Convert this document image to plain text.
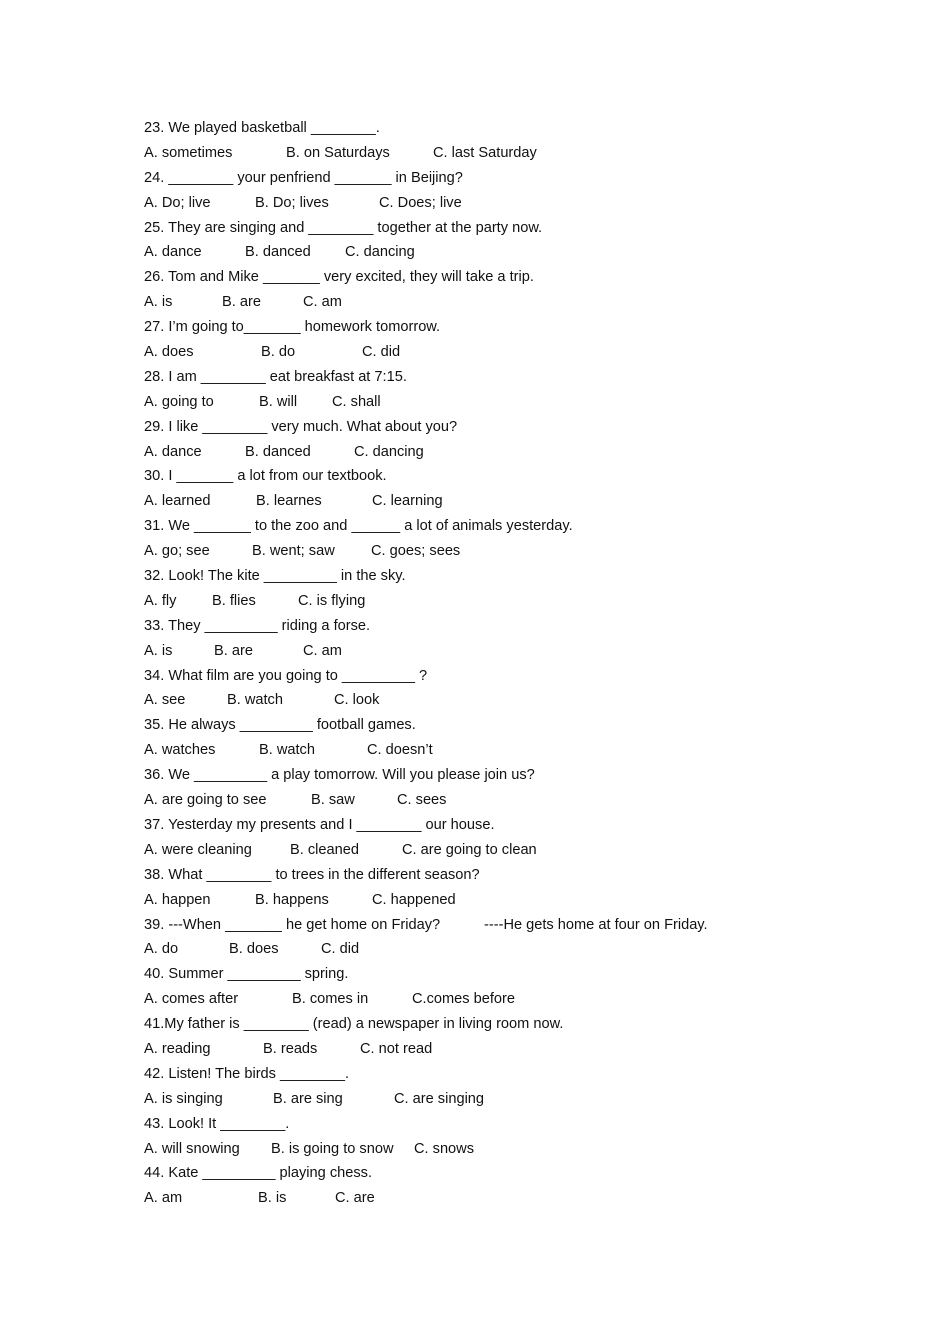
23. We played basketball ________.
A. sometimes	B. on Saturdays	C. last Saturday
24. ________ your penfriend _______ in Beijing?
A. Do; live	B. Do; lives	C. Does; live
25. They are singing and ________ together at the party now.
A. dance	B. danced C. dancing
26. Tom and Mike _______ very excited, they will take a trip.
A. is	B. are	C. am
27. I’m going to_______ homework tomorrow.
A. does	B. do	C. did
28. I am ________ eat breakfast at 7:15.
A. going to	B. will C. shall
29. I like ________ very much. What about you?
A. dance	B. danced	C. dancing
30. I _______ a lot from our textbook.
A. learned	B. learnes	C. learning
31. We _______ to the zoo and ______ a lot of animals yesterday.
A. go; see	B. went; saw C. goes; sees
32. Look! The kite _________ in the sky.
A. fly B. flies	C. is flying
33. They _________ riding a forse.
A. is	B. are	C. am
34. What film are you going to _________ ?
A. see	B. watch	C. look
35. He always _________ football games.
A. watches	B. watch	C. doesn’t
36. We _________ a play tomorrow. Will you please join us?
A. are going to see	B. saw	C. sees
37. Yesterday my presents and I ________ our house.
A. were cleaning	B. cleaned	C. are going to clean
38. What ________ to trees in the different season?
A. happen	B. happens	C. happened
39. ---When _______ he get home on Friday?	----He gets home at four on Friday.
A. do	B. does	C. did
40. Summer _________ spring.
A. comes after	B. comes in	C.comes before
41.My father is ________ (read) a newspaper in living room now.
A. reading	B. reads	C. not read
42. Listen! The birds ________.
A. is singing	B. are sing	C. are singing
43. Look! It ________.
A. will snowing B. is going to snow C. snows
44. Kate _________ playing chess.
A. am	B. is	C. are
